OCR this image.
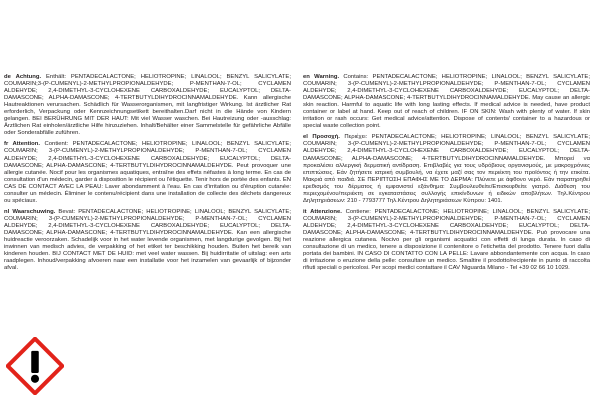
de Achtung. Enthält: PENTADECALACTONE; HELIOTROPINE; LINALOOL; BENZYL SALICYLATE; COUMARIN;3-(P-CUMENYL)-2-METHYLPROPIONALDEHYDE; P-MENTHAN-7-OL; CYCLAMEN ALDEHYDE; 2,4-DIMETHYL-3-CYCLOHEXENE CARBOXALDEHYDE; EUCALYPTOL; DELTA-DAMASCONE; ALPHA-DAMASCONE; 4-TERTBUTYLDIHYDROCINNAMALDEHYDE. Kann allergische Hautreaktionen verursachen. Schädlich für Wasserorganismen, mit langfristiger Wirkung. Ist ärztlicher Rat erforderlich, Verpackung oder Kennzeichnungsetikett bereithalten.Darf nicht in die Hände von Kindern gelangen. BEI BERÜHRUNG MIT DER HAUT: Mit viel Wasser waschen. Bei Hautreizung oder -ausschlag: Ärztlichen Rat einholen/ärztliche Hilfe hinzuziehen. Inhalt/Behälter einer Sammelstelle für gefährliche Abfälle oder Sonderabfälle zuführen.

fr Attention. Contient: PENTADECALACTONE; HELIOTROPINE; LINALOOL; BENZYL SALICYLATE; COUMARIN; 3-(P-CUMENYL)-2-METHYLPROPIONALDEHYDE; P-MENTHAN-7-OL; CYCLAMEN ALDEHYDE; 2,4-DIMETHYL-3-CYCLOHEXENE CARBOXALDEHYDE; EUCALYPTOL; DELTA-DAMASCONE; ALPHA-DAMASCONE; 4-TERTBUTYLDIHYDROCINNAMALDEHYDE. Peut provoquer une allergie cutanée. Nocif pour les organismes aquatiques, entraîne des effets néfastes à long terme. En cas de consultation d'un médecin, garder à disposition le récipient ou l'étiquette. Tenir hors de portée des enfants. EN CAS DE CONTACT AVEC LA PEAU: Laver abondamment à l'eau. En cas d'irritation ou d'éruption cutanée: consulter un médecin. Éliminer le contenu/récipient dans une installation de collecte des déchets dangereux ou spéciaux.

nl Waarschuwing. Bevat: PENTADECALACTONE; HELIOTROPINE; LINALOOL; BENZYL SALICYLATE; COUMARIN; 3-(P-CUMENYL)-2-METHYLPROPIONALDEHYDE; P-MENTHAN-7-OL; CYCLAMEN ALDEHYDE; 2,4-DIMETHYL-3-CYCLOHEXENE CARBOXALDEHYDE; EUCALYPTOL; DELTA-DAMASCONE; ALPHA-DAMASCONE; 4-TERTBUTYLDIHYDROCINNAMALDEHYDE. Kan een allergische huidreactie veroorzaken. Schadelijk voor in het water levende organismen, met langdurige gevolgen. Bij het inwinnen van medisch advies, de verpakking of het etiket ter beschikking houden. Buiten het bereik van kinderen houden. BIJ CONTACT MET DE HUID: met veel water wassen. Bij huidirritatie of uitslag: een arts raadplegen. Inhoud/verpakking afvoeren naar een installatie voor het inzamelen van gevaarlijk of bijzonder afval.

en Warning. Contains: PENTADECALACTONE; HELIOTROPINE; LINALOOL; BENZYL SALICYLATE; COUMARIN; 3-(P-CUMENYL)-2-METHYLPROPIONALDEHYDE; P-MENTHAN-7-OL; CYCLAMEN ALDEHYDE; 2,4-DIMETHYL-3-CYCLOHEXENE CARBOXALDEHYDE; EUCALYPTOL; DELTA-DAMASCONE; ALPHA-DAMASCONE; 4-TERTBUTYLDIHYDROCINNAMALDEHYDE. May cause an allergic skin reaction. Harmful to aquatic life with long lasting effects. If medical advice is needed, have product container or label at hand. Keep out of reach of children. IF ON SKIN: Wash with plenty of water. If skin irritation or rash occurs: Get medical advice/attention. Dispose of contents/ container to a hazardous or special waste collection point.

el Προσοχή. Περιέχει: PENTADECALACTONE; HELIOTROPINE; LINALOOL; BENZYL SALICYLATE; COUMARIN; 3-(P-CUMENYL)-2-METHYLPROPIONALDEHYDE; P-MENTHAN-7-OL; CYCLAMEN ALDEHYDE; 2,4-DIMETHYL-3-CYCLOHEXENE CARBOXALDEHYDE; EUCALYPTOL; DELTA-DAMASCONE; ALPHA-DAMASCONE; 4-TERTBUTYLDIHYDROCINNAMALDEHYDE. Μπορεί να προκαλέσει αλλεργική δερματική αντίδραση. Επιβλαβές για τους υδρόβιους οργανισμούς, με μακροχρόνιες επιπτώσεις. Εάν ζητήσετε ιατρική συμβουλή, να έχετε μαζί σας τον περιέκτη του προϊόντος ή την ετικέτα. Μακριά από παιδιά. ΣΕ ΠΕΡΙΠΤΩΣΗ ΕΠΑΦΗΣ ΜΕ ΤΟ ΔΕΡΜΑ: Πλύνετε με άφθονο νερό. Εάν παρατηρηθεί ερεθισμός του δέρματος ή εμφανιστεί εξάνθημα: Συμβουλευθείτε/Επισκεφθείτε γιατρό. Διάθεση του περιεχομένου/περιέκτη σε εγκαταστάσεις συλλογής επικίνδυνων ή ειδικών αποβλήτων. Τηλ.Κέντρου Δηλητηριάσεων: 210 - 7793777 Τηλ.Κέντρου Δηλητηριάσεων Κύπρου: 1401.

it Attenzione. Contiene: PENTADECALACTONE; HELIOTROPINE; LINALOOL; BENZYL SALICYLATE; COUMARIN; 3-(P-CUMENYL)-2-METHYLPROPIONALDEHYDE; P-MENTHAN-7-OL; CYCLAMEN ALDEHYDE; 2,4-DIMETHYL-3-CYCLOHEXENE CARBOXALDEHYDE; EUCALYPTOL; DELTA-DAMASCONE; ALPHA-DAMASCONE; 4-TERTBUTYLDIHYDROCINNAMALDEHYDE. Può provocare una reazione allergica cutanea. Nocivo per gli organismi acquatici con effetti di lunga durata. In caso di consultazione di un medico, tenere a disposizione il contenitore o l'etichetta del prodotto. Tenere fuori dalla portata dei bambini. IN CASO DI CONTATTO CON LA PELLE: Lavare abbondantemente con acqua. In caso di irritazione o eruzione della pelle: consultare un medico. Smaltire il prodotto/recipiente in punto di raccolta rifiuti speciali o pericolosi. Per scopi medici contattare il CAV Niguarda Milano - Tel +39 02 66 10 1029.
